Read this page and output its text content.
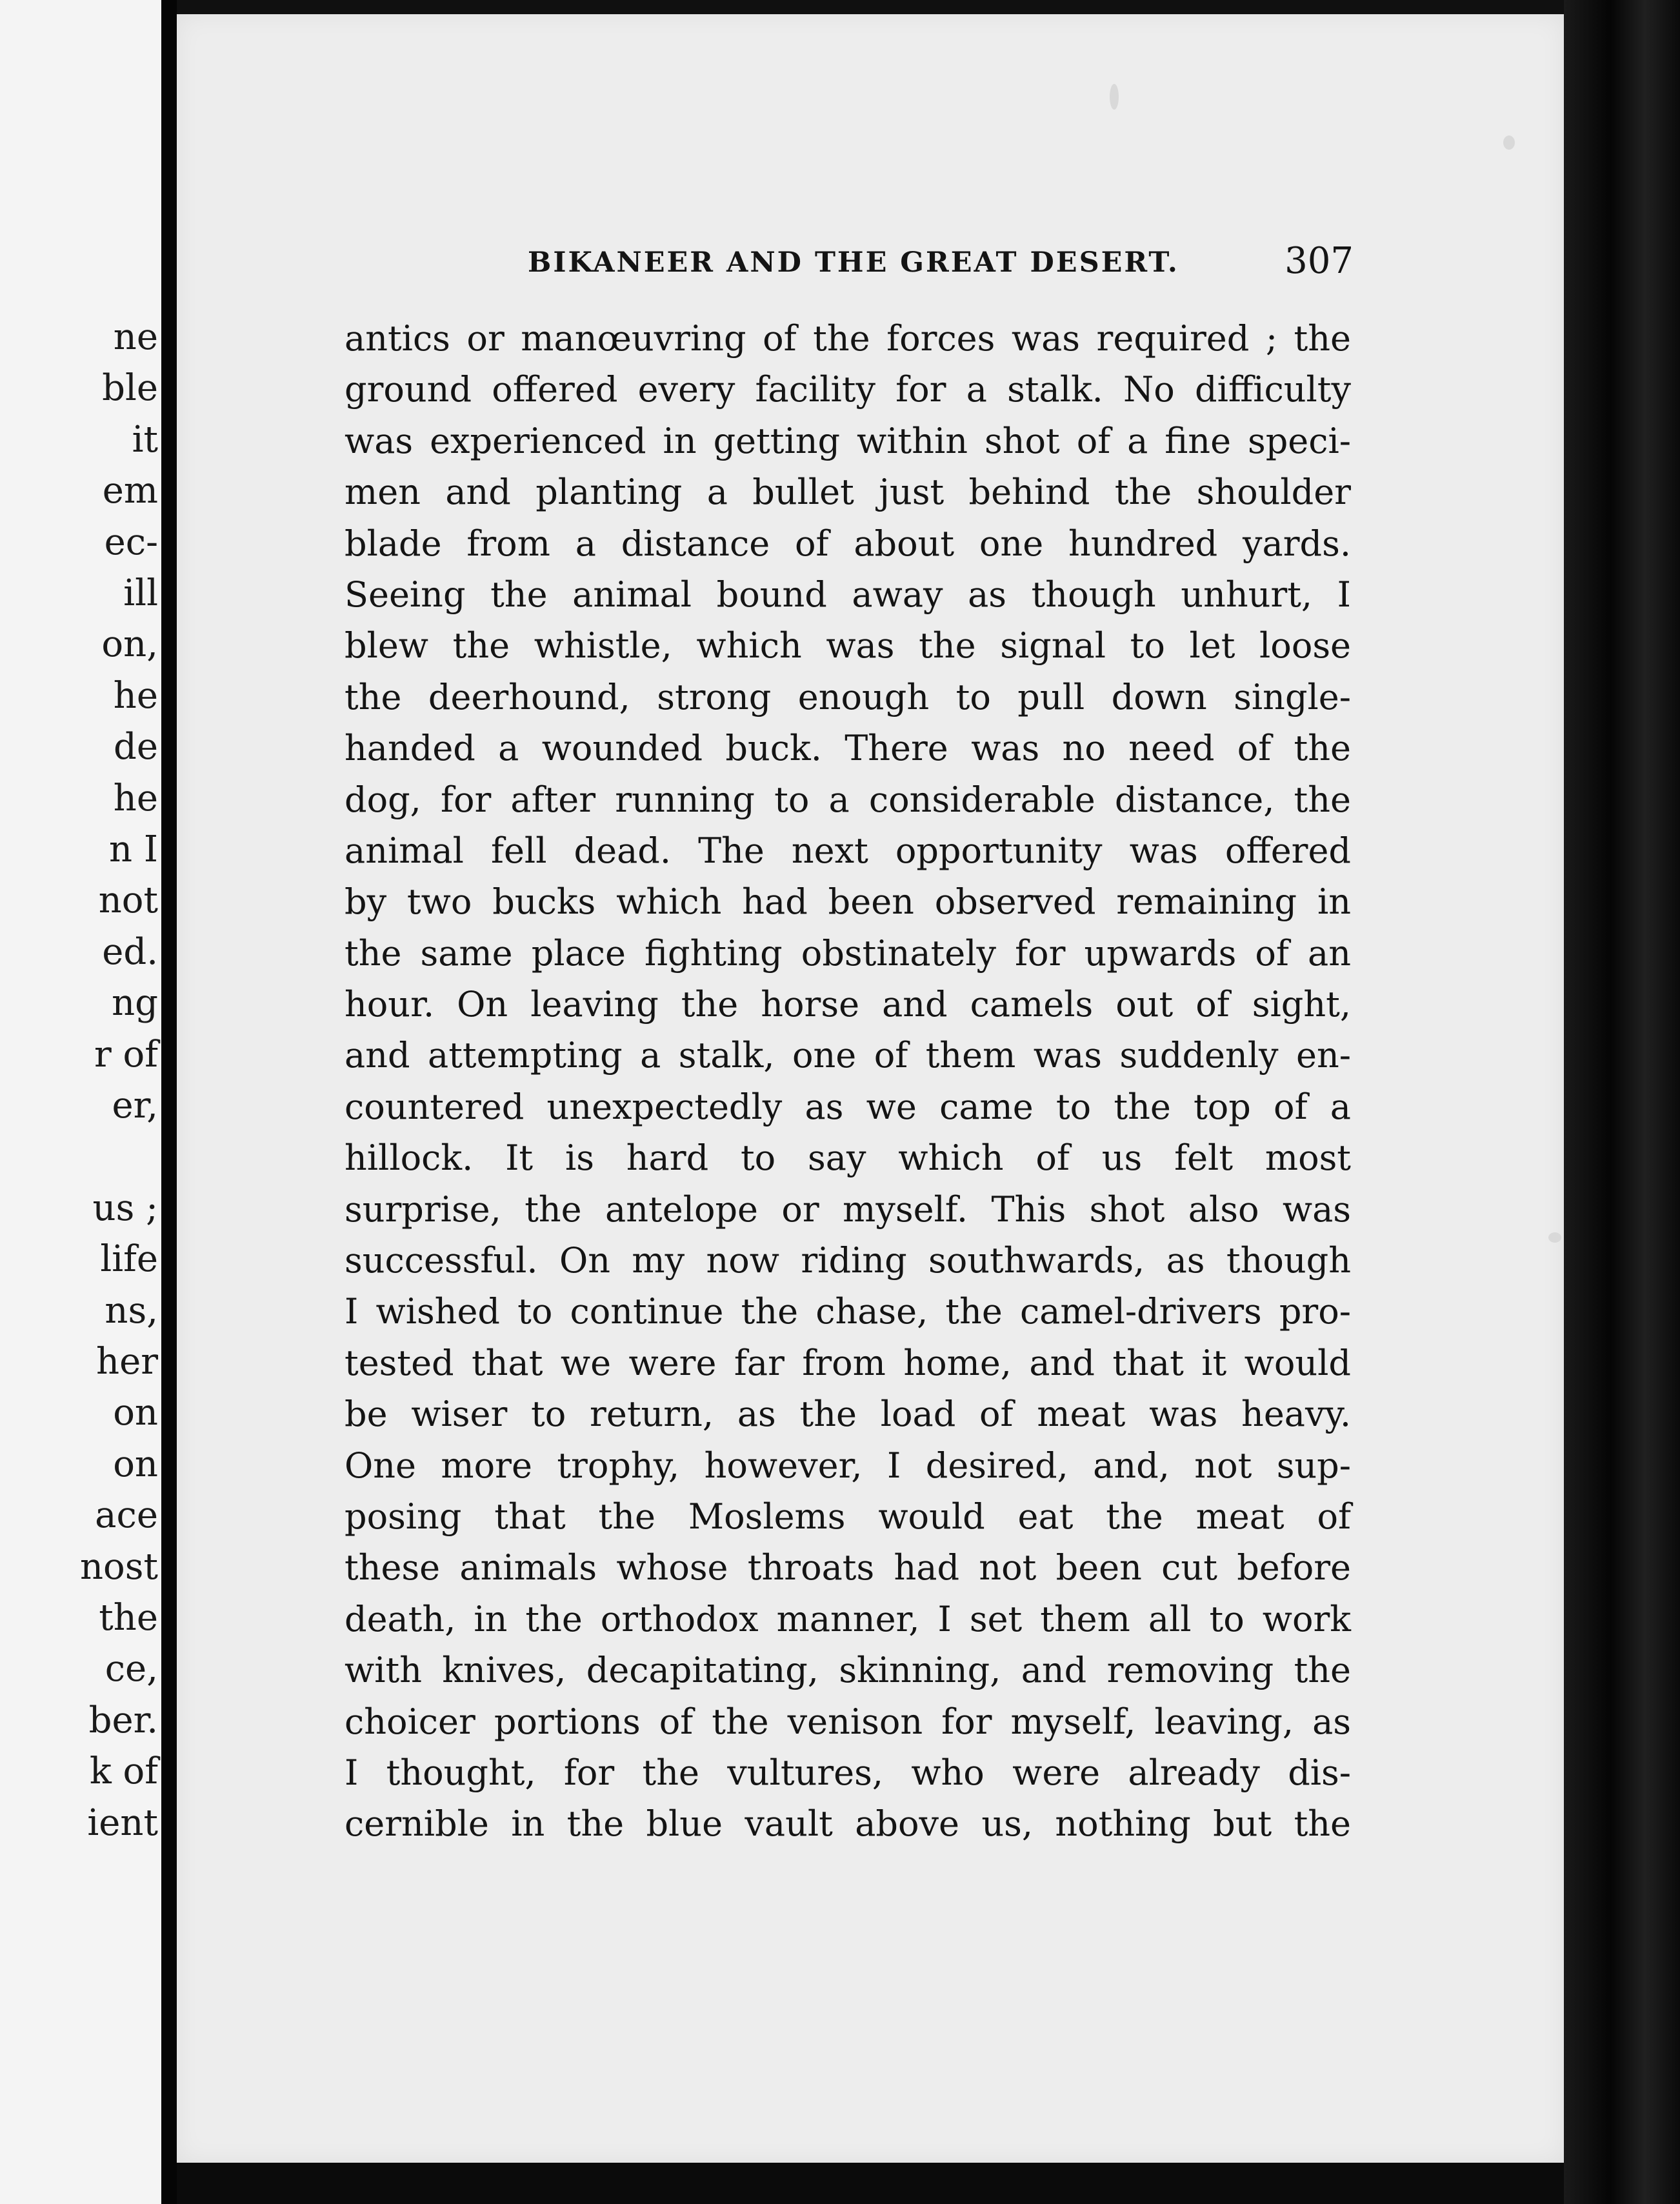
ne
ble
it
em
ec-
ill
on,
he
de
he
n I
not
ed.
ng
r of
er,
us ;
life
ns,
her
on
on
ace
nost
the
ce,
ber.
k of
ient
BIKANEER AND THE GREAT DESERT.	307
antics or manœuvring of the forces was required ; the
ground offered every facility for a stalk. No difficulty
was experienced in getting within shot of a fine speci-
men and planting a bullet just behind the shoulder
blade from a distance of about one hundred yards.
Seeing the animal bound away as though unhurt, I
blew the whistle, which was the signal to let loose
the deerhound, strong enough to pull down single-
handed a wounded buck. There was no need of the
dog, for after running to a considerable distance, the
animal fell dead. The next opportunity was offered
by two bucks which had been observed remaining in
the same place fighting obstinately for upwards of an
hour. On leaving the horse and camels out of sight,
and attempting a stalk, one of them was suddenly en-
countered unexpectedly as we came to the top of a
hillock. It is hard to say which of us felt most
surprise, the antelope or myself. This shot also was
successful. On my now riding southwards, as though
I wished to continue the chase, the camel-drivers pro-
tested that we were far from home, and that it would
be wiser to return, as the load of meat was heavy.
One more trophy, however, I desired, and, not sup-
posing that the Moslems would eat the meat of
these animals whose throats had not been cut before
death, in the orthodox manner, I set them all to work
with knives, decapitating, skinning, and removing the
choicer portions of the venison for myself, leaving, as
I thought, for the vultures, who were already dis-
cernible in the blue vault above us, nothing but the
